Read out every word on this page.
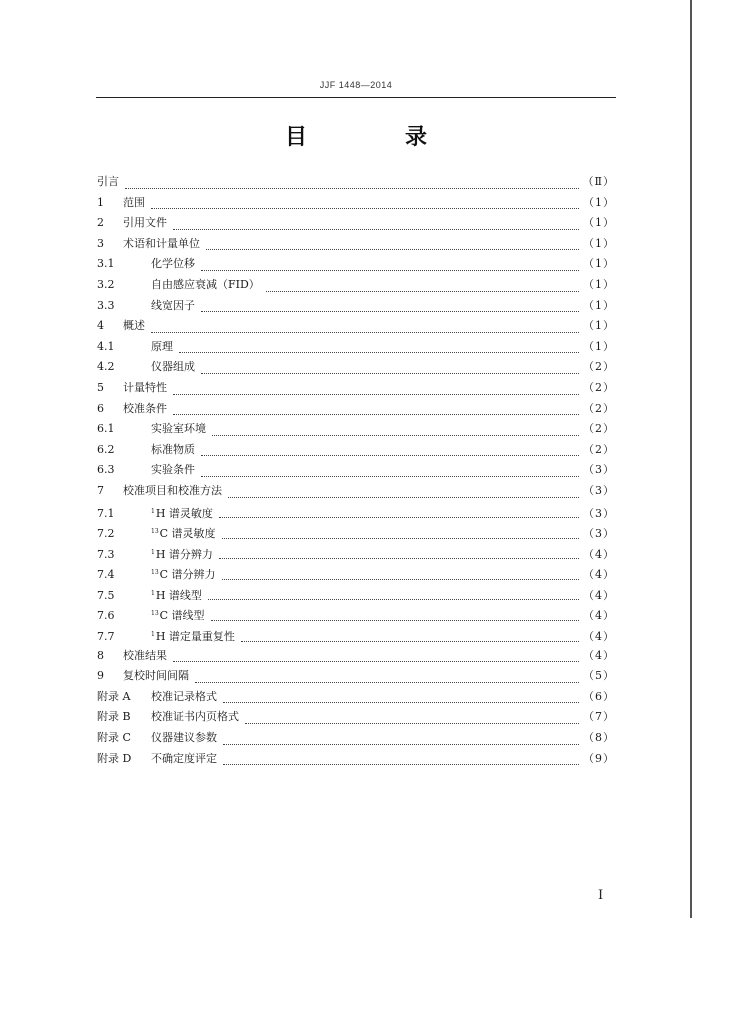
JJF 1448—2014
目　录
引言	（Ⅱ）
1	范围	（1）
2	引用文件	（1）
3	术语和计量单位	（1）
3.1	化学位移	（1）
3.2	自由感应衰减（FID）	（1）
3.3	线宽因子	（1）
4	概述	（1）
4.1	原理	（1）
4.2	仪器组成	（2）
5	计量特性	（2）
6	校准条件	（2）
6.1	实验室环境	（2）
6.2	标准物质	（2）
6.3	实验条件	（3）
7	校准项目和校准方法	（3）
7.1	$^1$H 谱灵敏度	（3）
7.2	$^{13}$C 谱灵敏度	（3）
7.3	$^1$H 谱分辨力	（4）
7.4	$^{13}$C 谱分辨力	（4）
7.5	$^1$H 谱线型	（4）
7.6	$^{13}$C 谱线型	（4）
7.7	$^1$H 谱定量重复性	（4）
8	校准结果	（4）
9	复校时间间隔	（5）
附录 A	校准记录格式	（6）
附录 B	校准证书内页格式	（7）
附录 C	仪器建议参数	（8）
附录 D	不确定度评定	（9）
I
